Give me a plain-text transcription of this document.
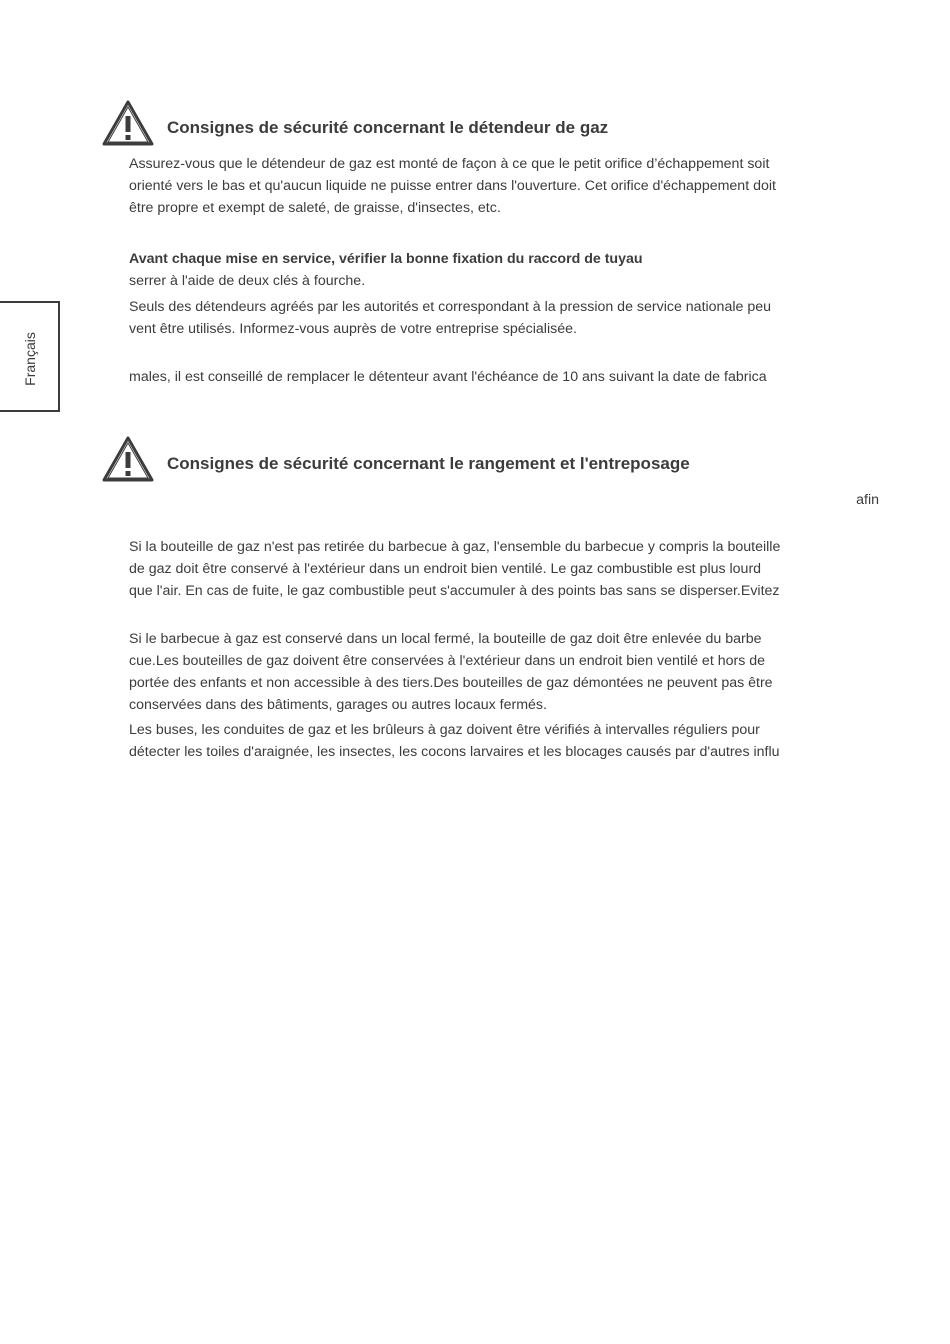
Français
Consignes de sécurité concernant le détendeur de gaz
Assurez-vous que le détendeur de gaz est monté de façon à ce que le petit orifice d’échappement soit
orienté vers le bas et qu'aucun liquide ne puisse entrer dans l'ouverture. Cet orifice d'échappement doit
être propre et exempt de saleté, de graisse, d'insectes, etc.
Avant chaque mise en service, vérifier la bonne fixation du raccord de tuyau
serrer à l'aide de deux clés à fourche.
Seuls des détendeurs agréés par les autorités et correspondant à la pression de service nationale peu
vent être utilisés. Informez-vous auprès de votre entreprise spécialisée.
males, il est conseillé de remplacer le détenteur avant l'échéance de 10 ans suivant la date de fabrica
Consignes de sécurité concernant le rangement et l'entreposage
afin
Si la bouteille de gaz n'est pas retirée du barbecue à gaz, l'ensemble du barbecue y compris la bouteille
de gaz doit être conservé à l'extérieur dans un endroit bien ventilé. Le gaz combustible est plus lourd
que l'air. En cas de fuite, le gaz combustible peut s'accumuler à des points bas sans se disperser.Evitez
Si le barbecue à gaz est conservé dans un local fermé, la bouteille de gaz doit être enlevée du barbe
cue.Les bouteilles de gaz doivent être conservées à l'extérieur dans un endroit bien ventilé et hors de
portée des enfants et non accessible à des tiers.Des bouteilles de gaz démontées ne peuvent pas être
conservées dans des bâtiments, garages ou autres locaux fermés.
Les buses, les conduites de gaz et les brûleurs à gaz doivent être vérifiés à intervalles réguliers pour
détecter les toiles d'araignée, les insectes, les cocons larvaires et les blocages causés par d'autres influ
